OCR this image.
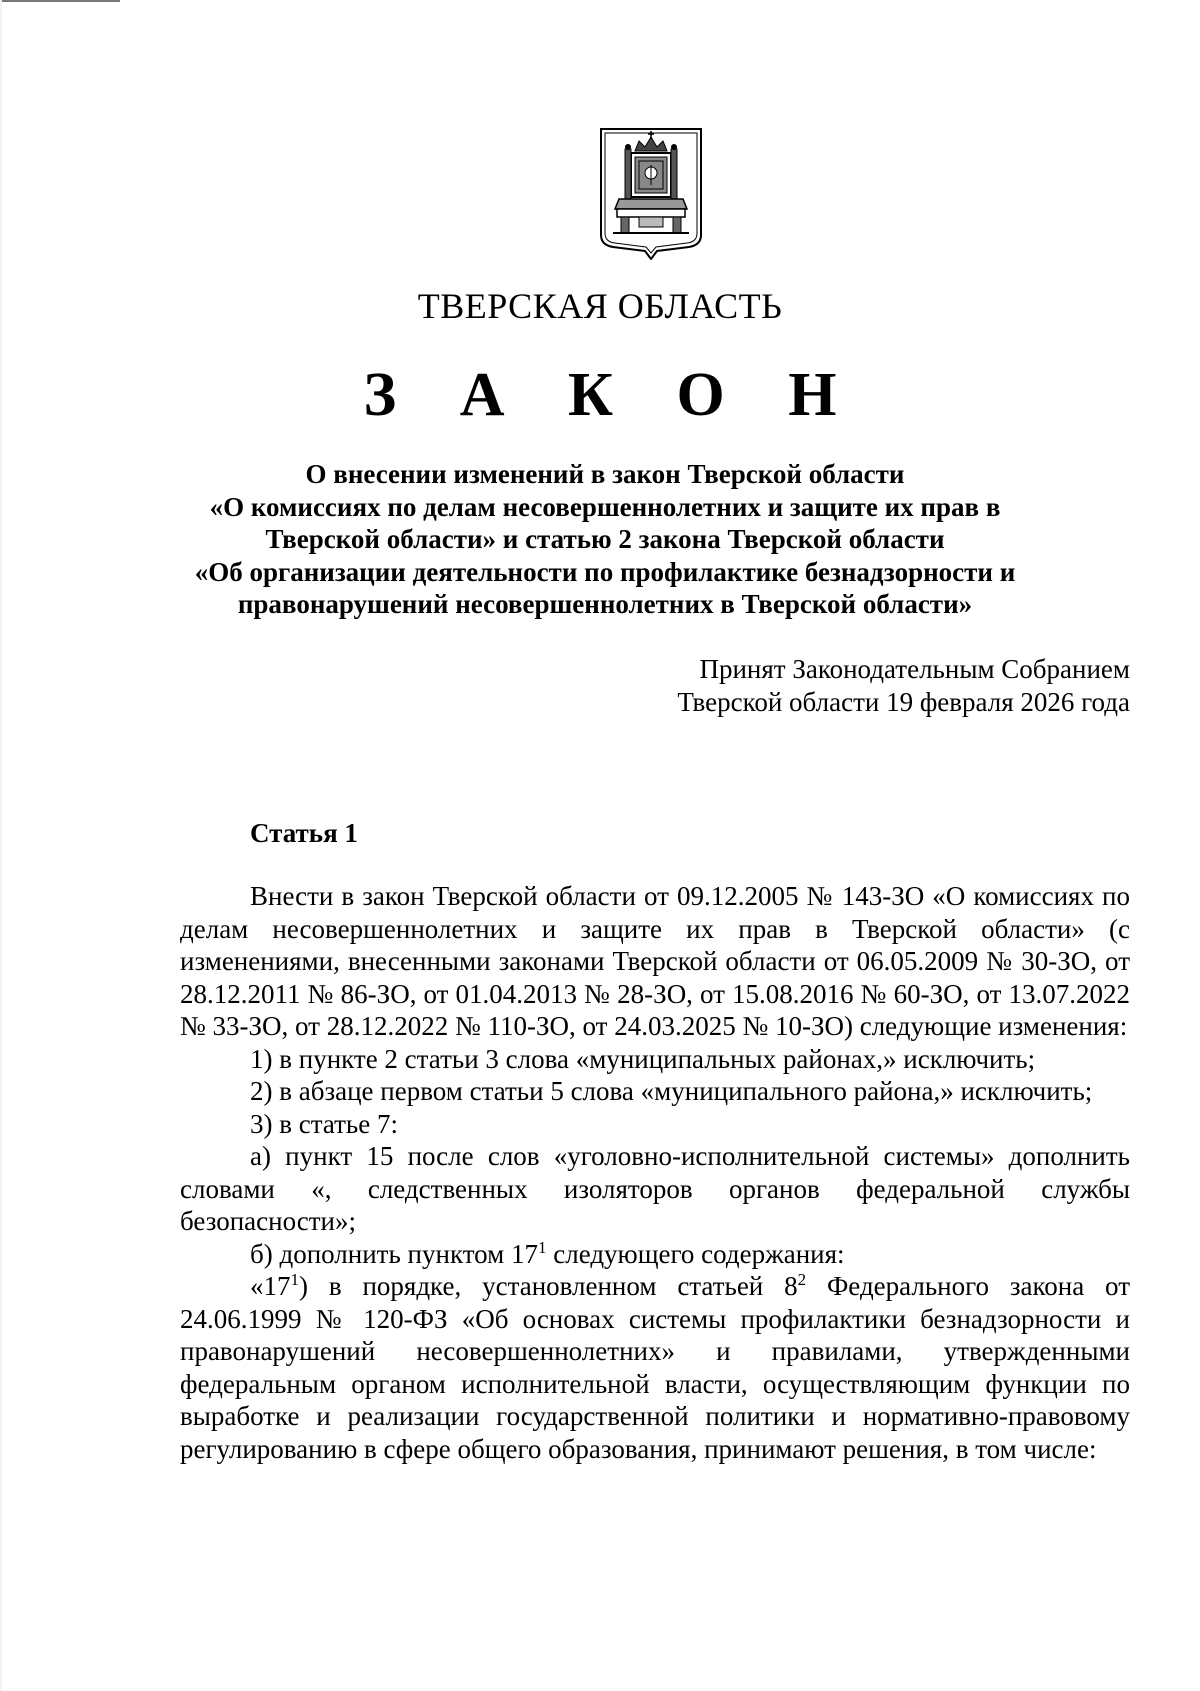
ТВЕРСКАЯ ОБЛАСТЬ
З А К О Н
О внесении изменений в закон Тверской области
«О комиссиях по делам несовершеннолетних и защите их прав в
Тверской области» и статью 2 закона Тверской области
«Об организации деятельности по профилактике безнадзорности и
правонарушений несовершеннолетних в Тверской области»
Принят Законодательным Собранием
Тверской области 19 февраля 2026 года
Статья 1

Внести в закон Тверской области от 09.12.2005 № 143-ЗО «О комиссиях по делам несовершеннолетних и защите их прав в Тверской области» (с изменениями, внесенными законами Тверской области от 06.05.2009 № 30-ЗО, от 28.12.2011 № 86-ЗО, от 01.04.2013 № 28-ЗО, от 15.08.2016 № 60-ЗО, от 13.07.2022 № 33-ЗО, от 28.12.2022 № 110-ЗО, от 24.03.2025 № 10-ЗО) следующие изменения:

1) в пункте 2 статьи 3 слова «муниципальных районах,» исключить;

2) в абзаце первом статьи 5 слова «муниципального района,» исключить;

3) в статье 7:

а) пункт 15 после слов «уголовно-исполнительной системы» дополнить словами «, следственных изоляторов органов федеральной службы безопасности»;

б) дополнить пунктом $17^1$ следующего содержания:

«$17^1$) в порядке, установленном статьей $8^2$ Федерального закона от 24.06.1999 № 120-ФЗ «Об основах системы профилактики безнадзорности и правонарушений несовершеннолетних» и правилами, утвержденными федеральным органом исполнительной власти, осуществляющим функции по выработке и реализации государственной политики и нормативно-правовому регулированию в сфере общего образования, принимают решения, в том числе:
